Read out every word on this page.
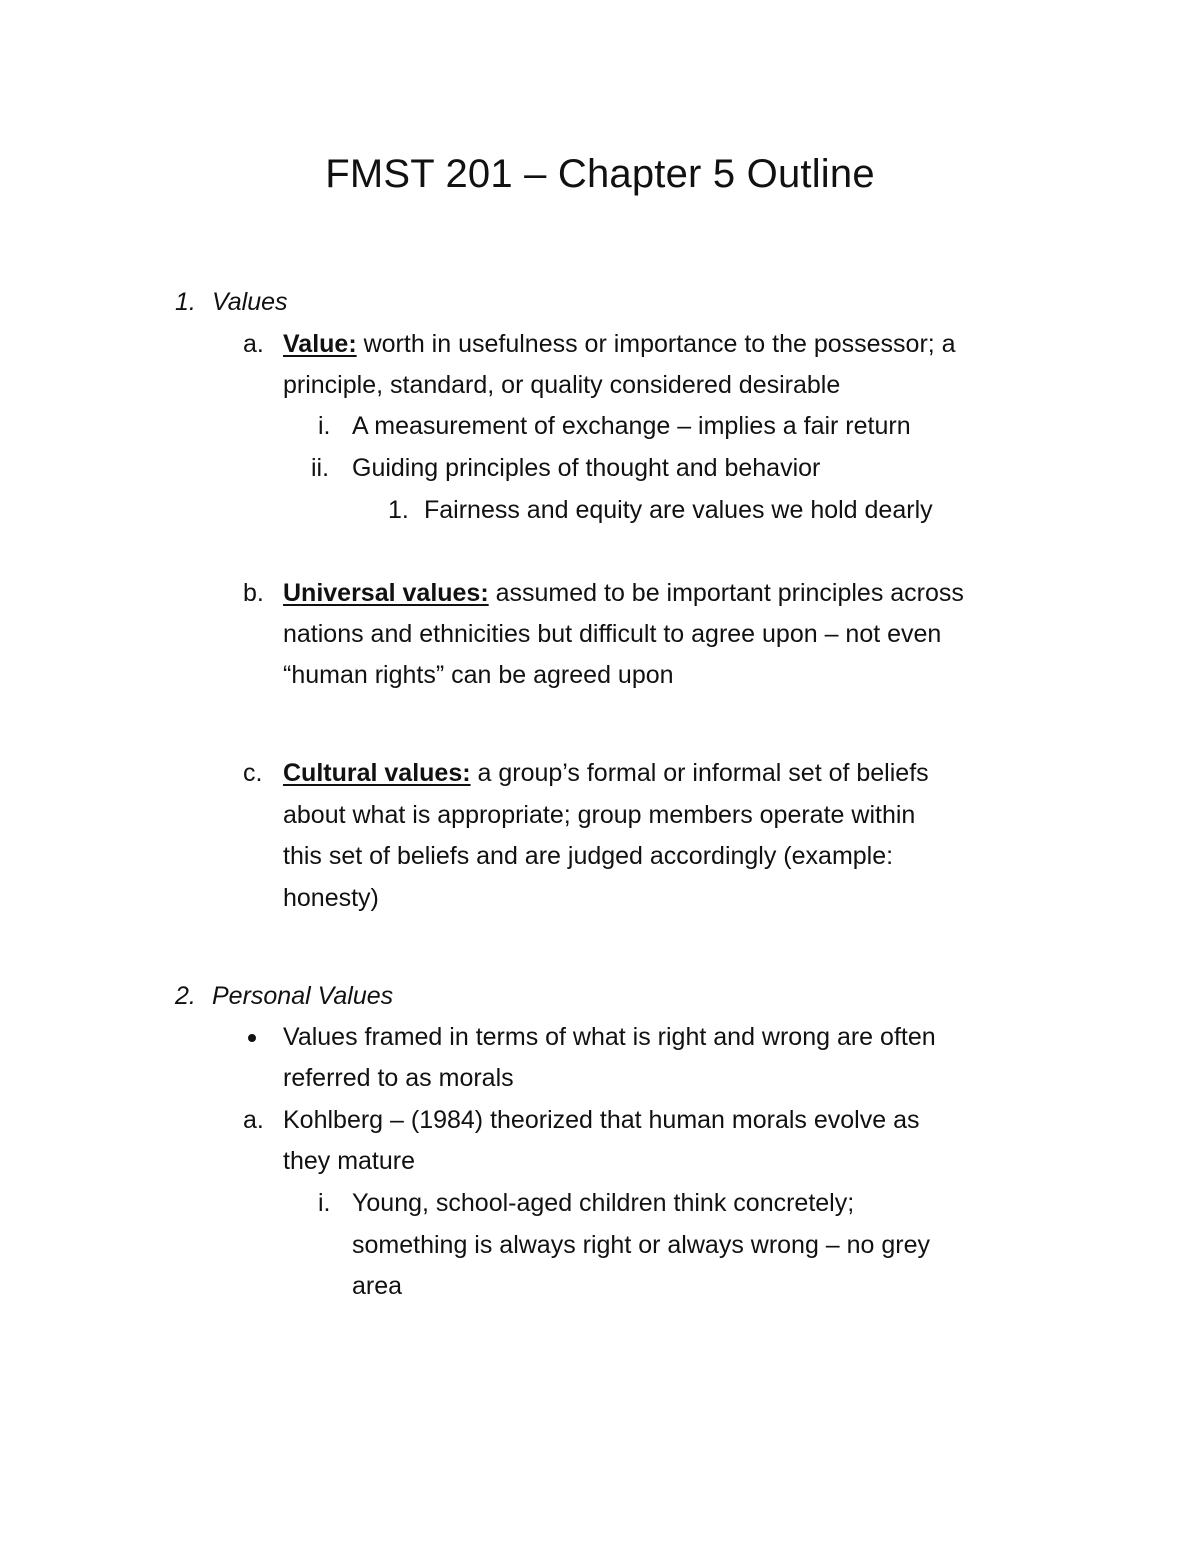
FMST 201 – Chapter 5 Outline
1. Values
a. Value: worth in usefulness or importance to the possessor; a
principle, standard, or quality considered desirable
i. A measurement of exchange – implies a fair return
ii. Guiding principles of thought and behavior
1. Fairness and equity are values we hold dearly
b. Universal values: assumed to be important principles across
nations and ethnicities but difficult to agree upon – not even
“human rights” can be agreed upon
c. Cultural values: a group’s formal or informal set of beliefs
about what is appropriate; group members operate within
this set of beliefs and are judged accordingly (example:
honesty)
2. Personal Values
Values framed in terms of what is right and wrong are often
referred to as morals
a. Kohlberg – (1984) theorized that human morals evolve as
they mature
i. Young, school-aged children think concretely;
something is always right or always wrong – no grey
area
